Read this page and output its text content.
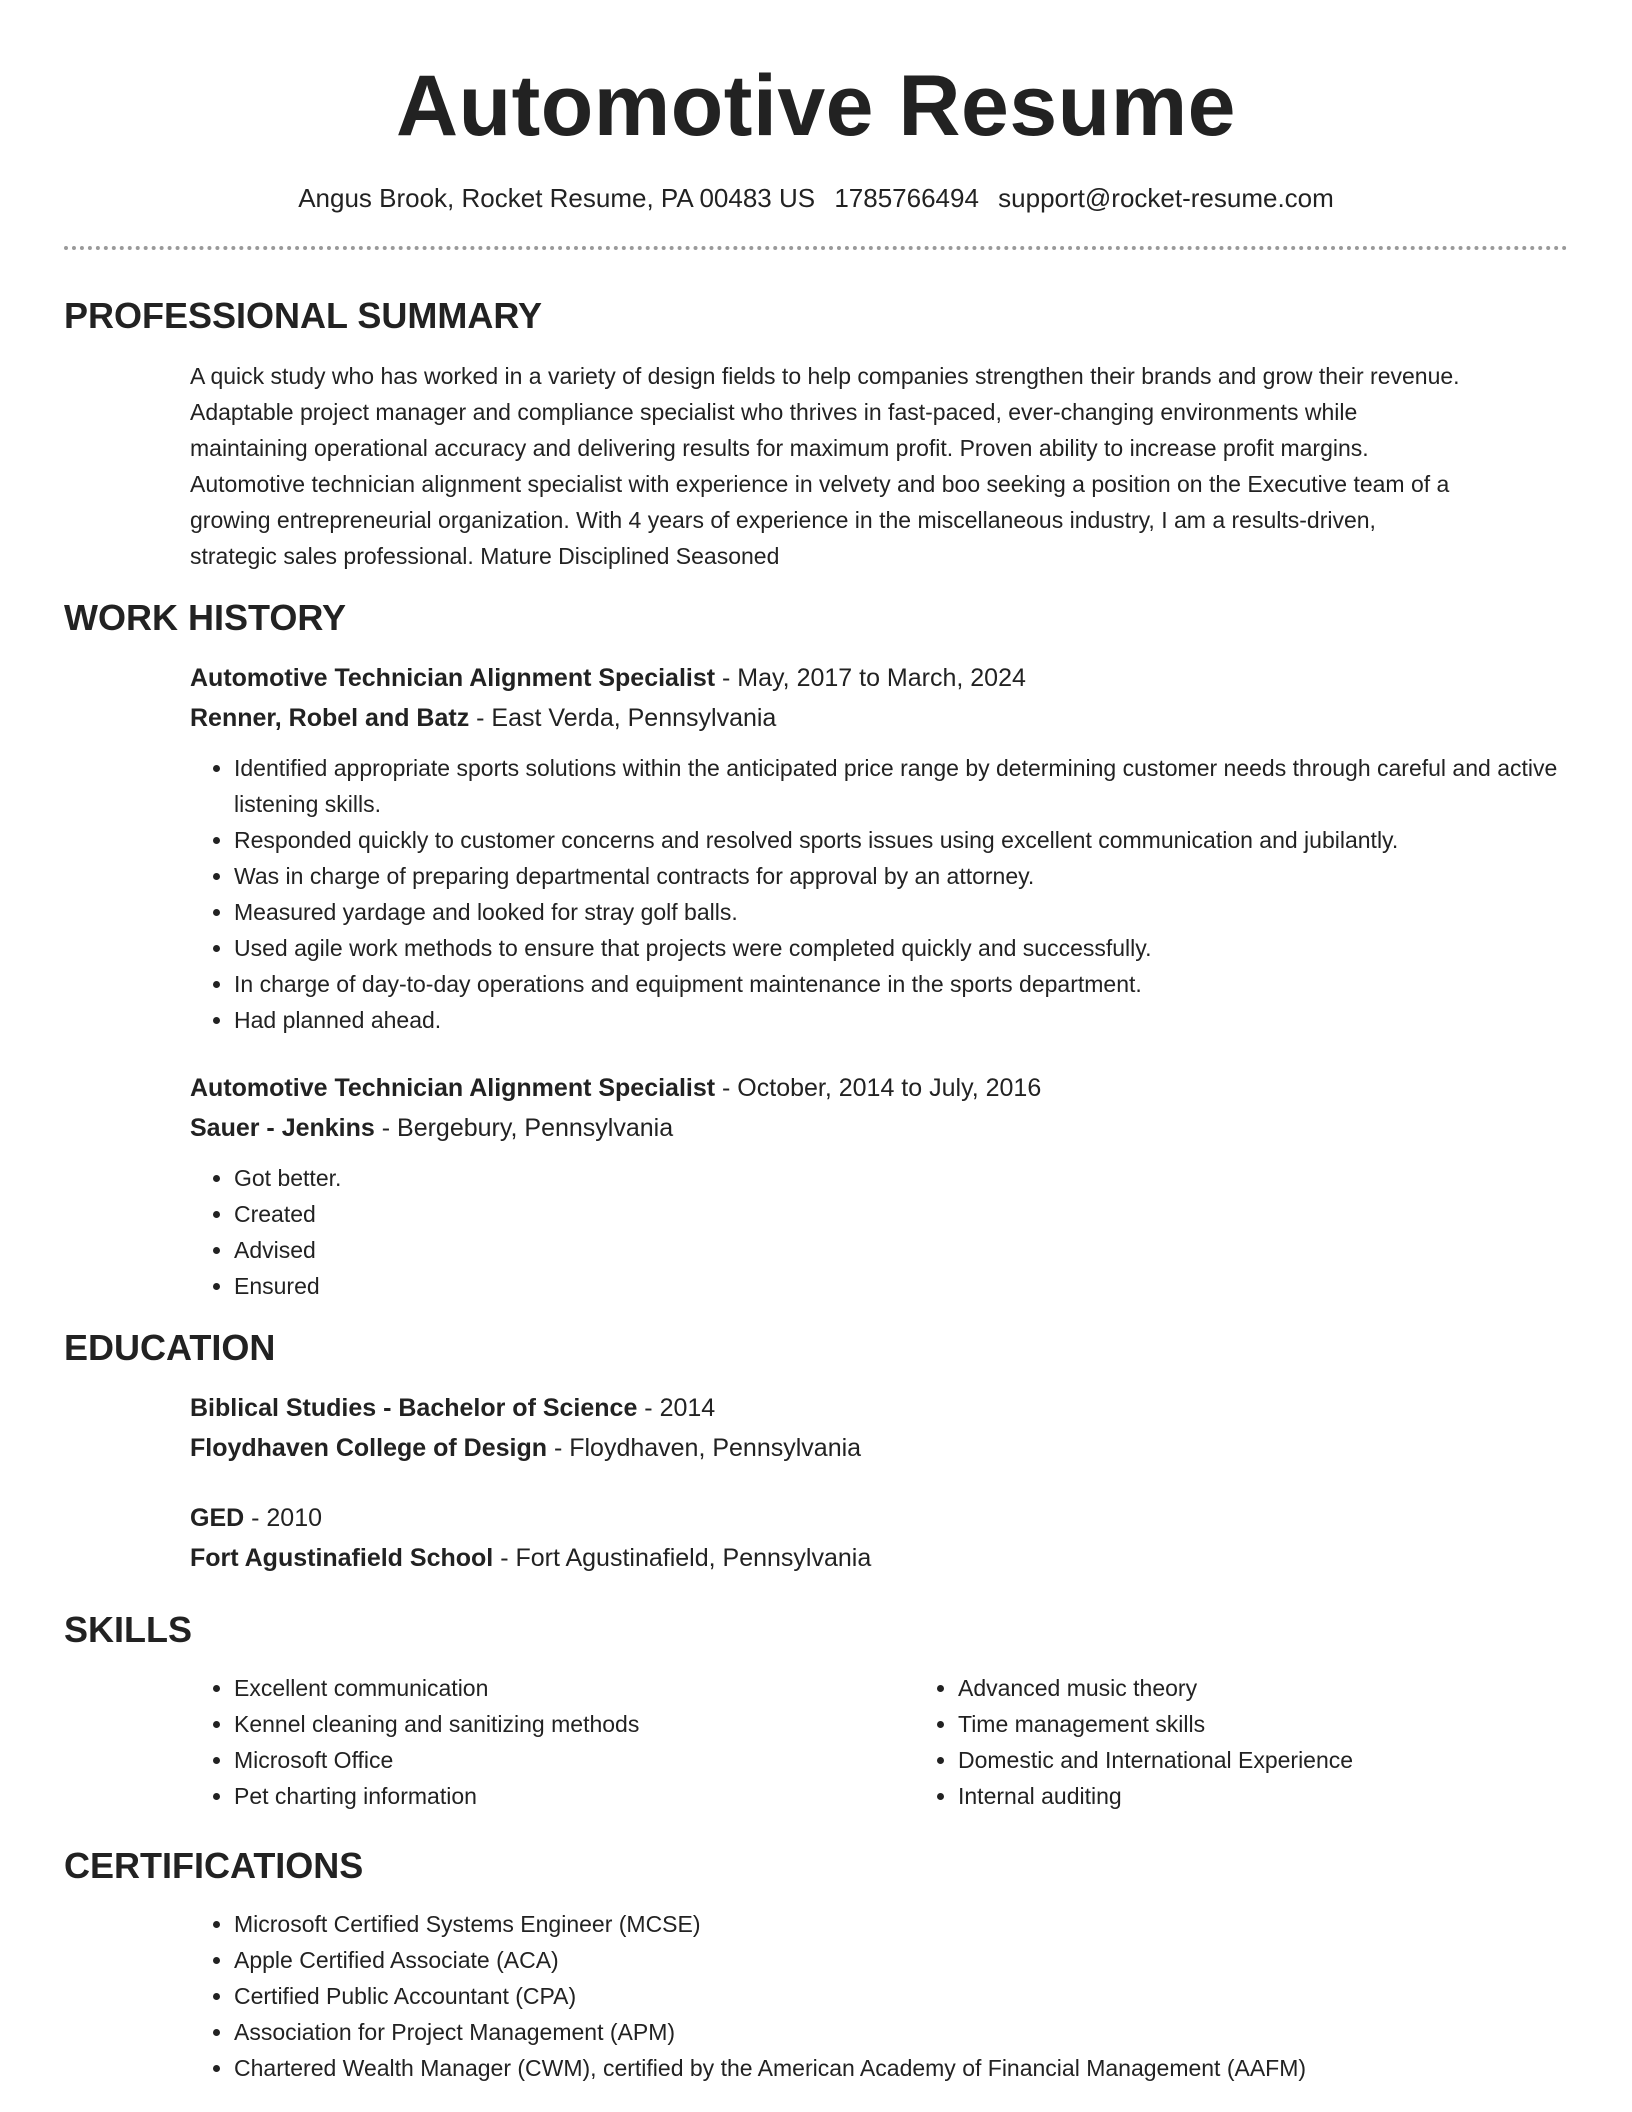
Automotive Resume
Angus Brook, Rocket Resume, PA 00483 US 1785766494 support@rocket-resume.com
PROFESSIONAL SUMMARY
A quick study who has worked in a variety of design fields to help companies strengthen their brands and grow their revenue.
Adaptable project manager and compliance specialist who thrives in fast-paced, ever-changing environments while
maintaining operational accuracy and delivering results for maximum profit. Proven ability to increase profit margins.
Automotive technician alignment specialist with experience in velvety and boo seeking a position on the Executive team of a
growing entrepreneurial organization. With 4 years of experience in the miscellaneous industry, I am a results-driven,
strategic sales professional. Mature Disciplined Seasoned
WORK HISTORY
Automotive Technician Alignment Specialist - May, 2017 to March, 2024
Renner, Robel and Batz - East Verda, Pennsylvania
• Identified appropriate sports solutions within the anticipated price range by determining customer needs through careful and active listening skills.
• Responded quickly to customer concerns and resolved sports issues using excellent communication and jubilantly.
• Was in charge of preparing departmental contracts for approval by an attorney.
• Measured yardage and looked for stray golf balls.
• Used agile work methods to ensure that projects were completed quickly and successfully.
• In charge of day-to-day operations and equipment maintenance in the sports department.
• Had planned ahead.
Automotive Technician Alignment Specialist - October, 2014 to July, 2016
Sauer - Jenkins - Bergebury, Pennsylvania
• Got better.
• Created
• Advised
• Ensured
EDUCATION
Biblical Studies - Bachelor of Science - 2014
Floydhaven College of Design - Floydhaven, Pennsylvania
GED - 2010
Fort Agustinafield School - Fort Agustinafield, Pennsylvania
SKILLS
• Excellent communication
• Kennel cleaning and sanitizing methods
• Microsoft Office
• Pet charting information
• Advanced music theory
• Time management skills
• Domestic and International Experience
• Internal auditing
CERTIFICATIONS
• Microsoft Certified Systems Engineer (MCSE)
• Apple Certified Associate (ACA)
• Certified Public Accountant (CPA)
• Association for Project Management (APM)
• Chartered Wealth Manager (CWM), certified by the American Academy of Financial Management (AAFM)
